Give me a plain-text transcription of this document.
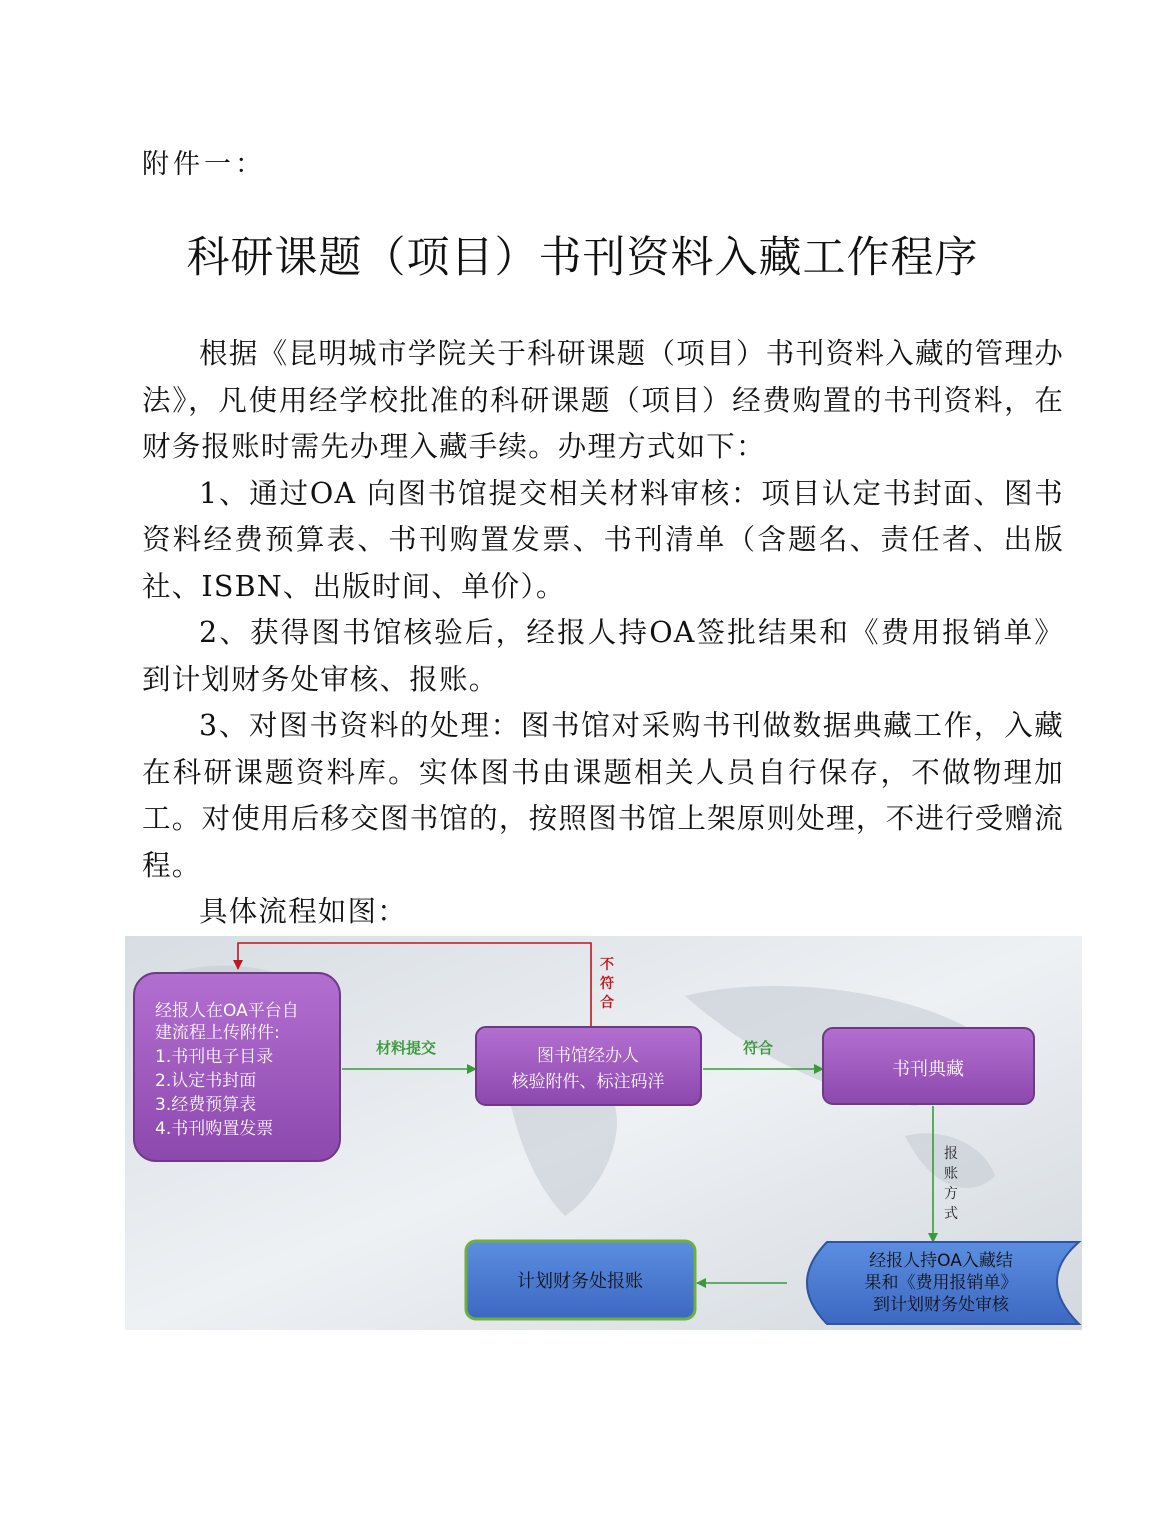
附件一：
科研课题（项目）书刊资料入藏工作程序

根据《昆明城市学院关于科研课题（项目）书刊资料入藏的管理办法》，凡使用经学校批准的科研课题（项目）经费购置的书刊资料，在财务报账时需先办理入藏手续。办理方式如下：

1、通过OA 向图书馆提交相关材料审核：项目认定书封面、图书资料经费预算表、书刊购置发票、书刊清单（含题名、责任者、出版社、ISBN、出版时间、单价）。

2、获得图书馆核验后，经报人持OA签批结果和《费用报销单》到计划财务处审核、报账。

3、对图书资料的处理：图书馆对采购书刊做数据典藏工作，入藏在科研课题资料库。实体图书由课题相关人员自行保存，不做物理加工。对使用后移交图书馆的，按照图书馆上架原则处理，不进行受赠流程。

具体流程如图：

不
符
合
经报人在OA平台自
建流程上传附件:
1.书刊电子目录
2.认定书封面
3.经费预算表
4.书刊购置发票
材料提交	图书馆经办人
核验附件、标注码洋
符合
书刊典藏
报
账
方
式
经报人持OA入藏结
果和《费用报销单》
到计划财务处审核
计划财务处报账
